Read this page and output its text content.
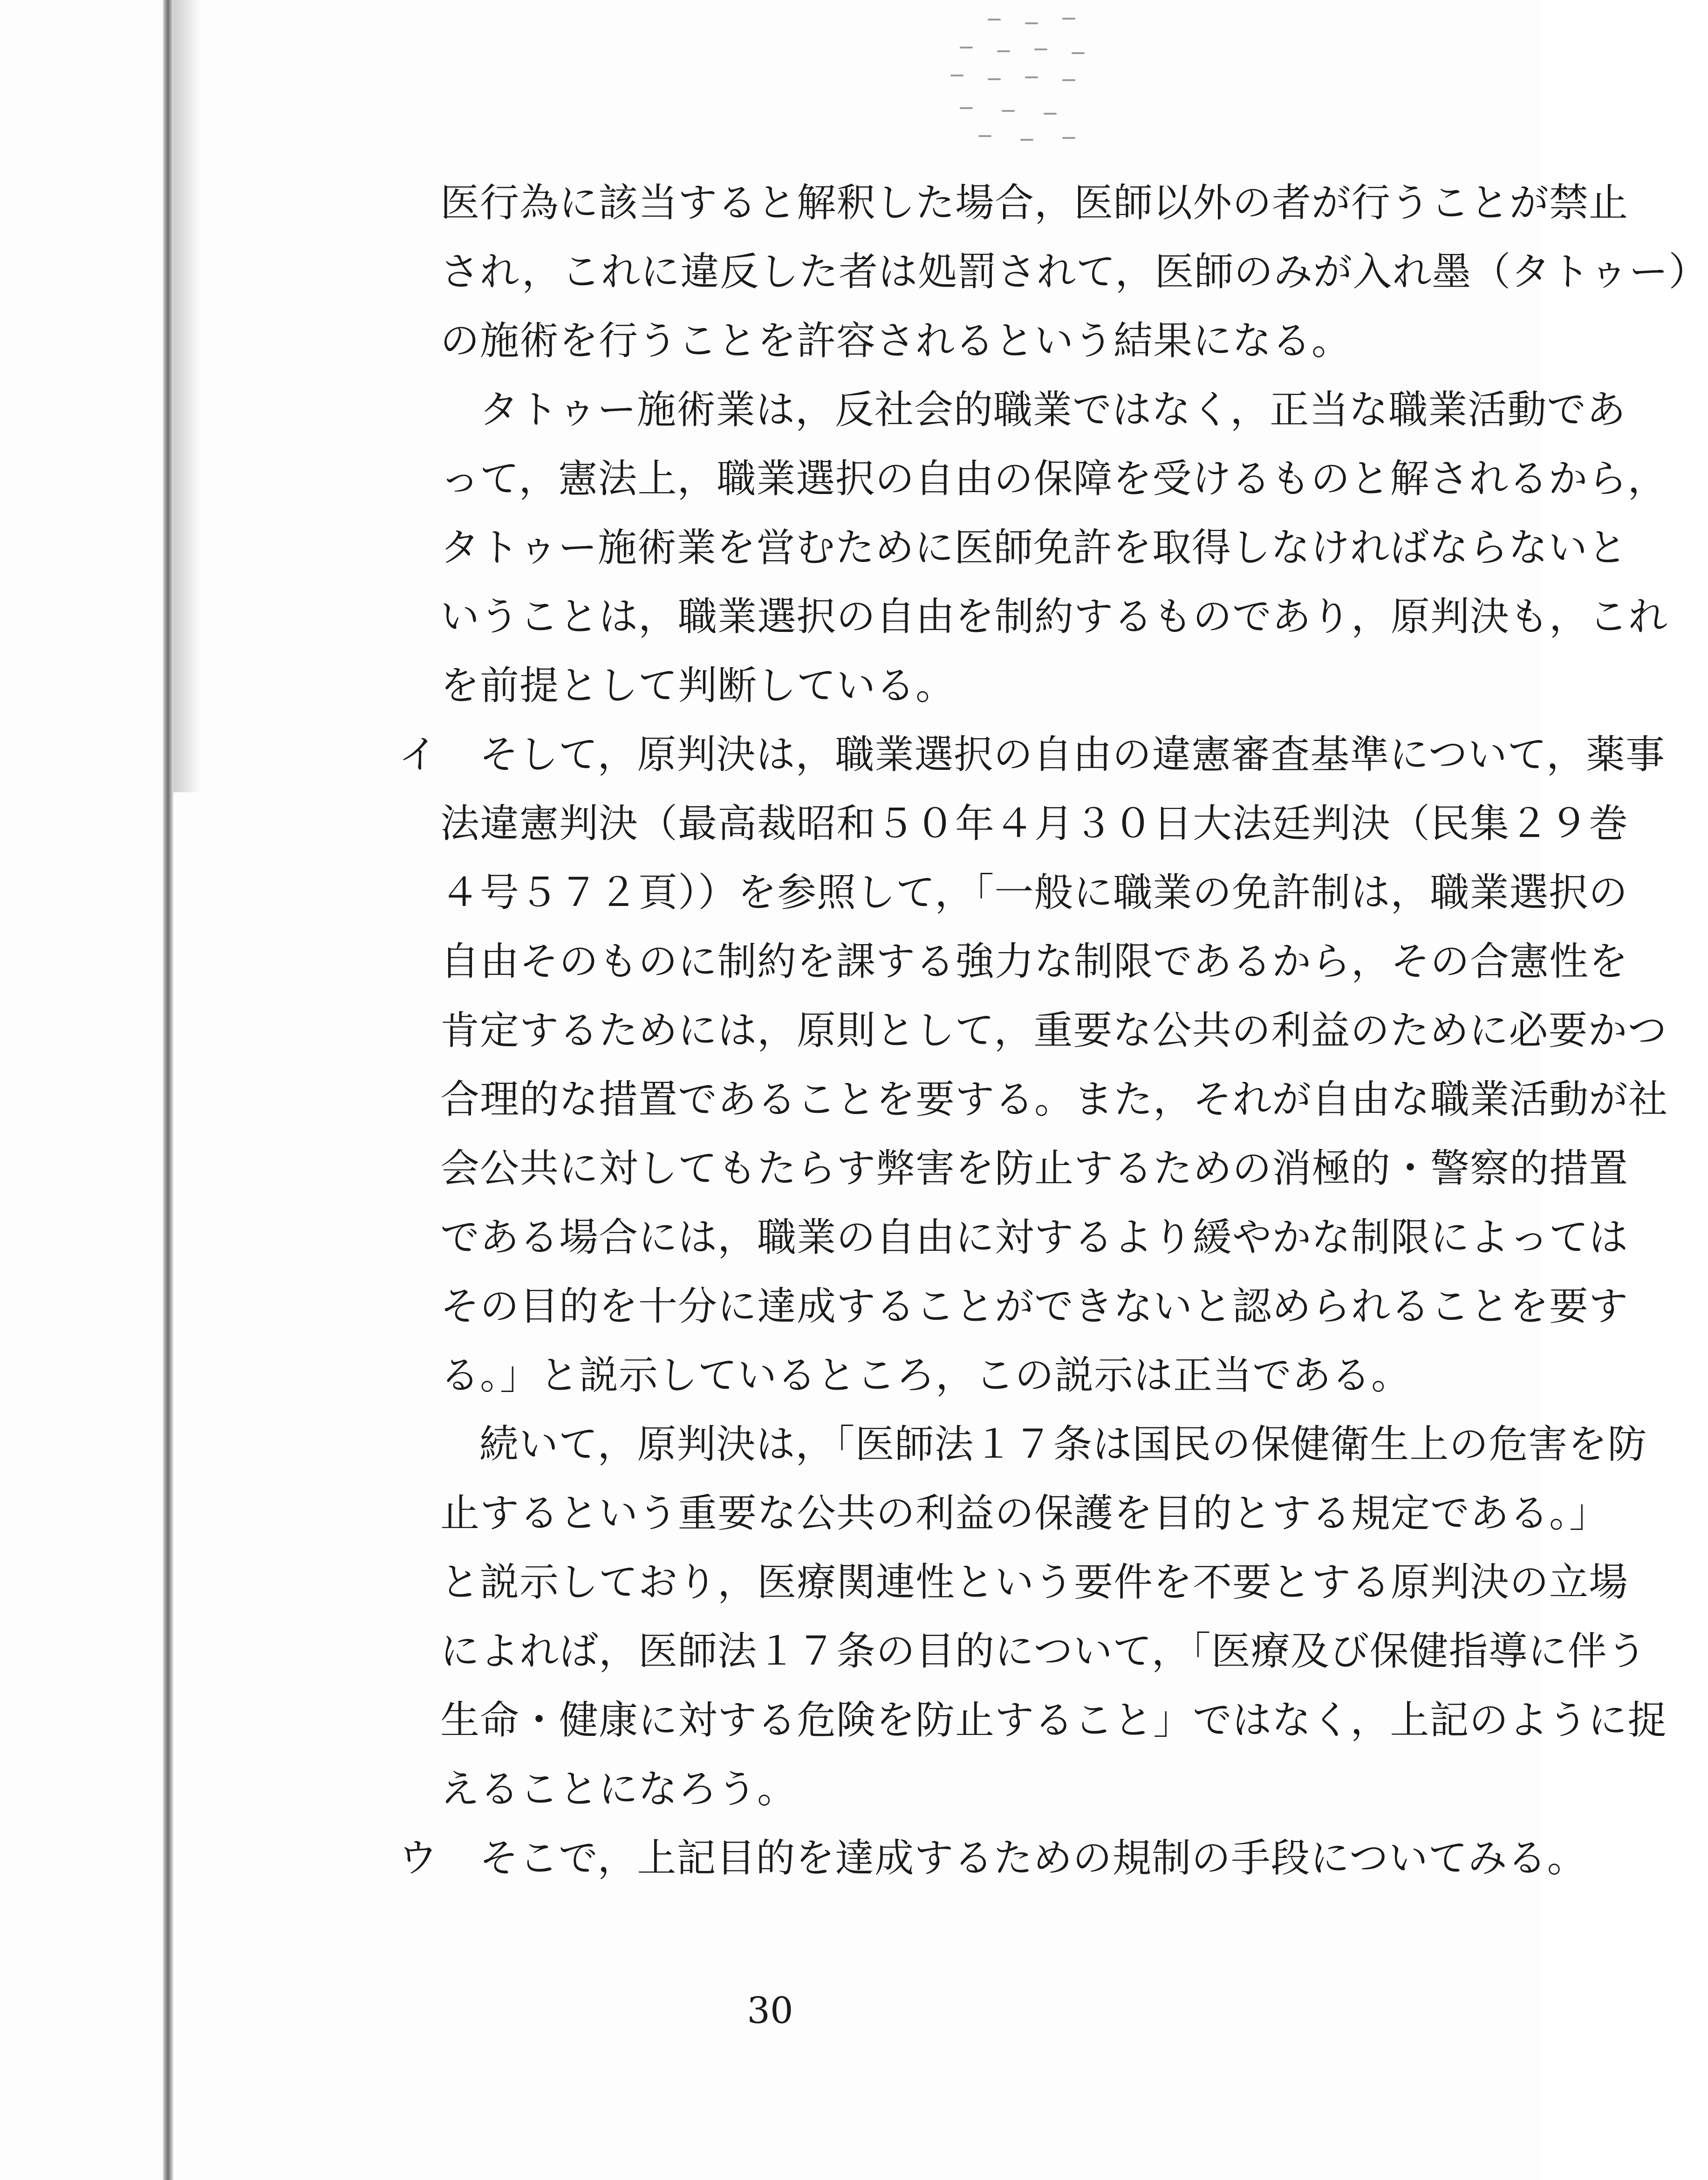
医行為に該当すると解釈した場合，医師以外の者が行うことが禁止
され，これに違反した者は処罰されて，医師のみが入れ墨（タトゥー）
の施術を行うことを許容されるという結果になる。
タトゥー施術業は，反社会的職業ではなく，正当な職業活動であ
って，憲法上，職業選択の自由の保障を受けるものと解されるから，
タトゥー施術業を営むために医師免許を取得しなければならないと
いうことは，職業選択の自由を制約するものであり，原判決も，これ
を前提として判断している。
イ そして，原判決は，職業選択の自由の違憲審査基準について，薬事
法違憲判決（最高裁昭和５０年４月３０日大法廷判決（民集２９巻
４号５７２頁））を参照して，「一般に職業の免許制は，職業選択の
自由そのものに制約を課する強力な制限であるから，その合憲性を
肯定するためには，原則として，重要な公共の利益のために必要かつ
合理的な措置であることを要する。また，それが自由な職業活動が社
会公共に対してもたらす弊害を防止するための消極的・警察的措置
である場合には，職業の自由に対するより緩やかな制限によっては
その目的を十分に達成することができないと認められることを要す
る。」と説示しているところ，この説示は正当である。
続いて，原判決は，「医師法１７条は国民の保健衛生上の危害を防
止するという重要な公共の利益の保護を目的とする規定である。」
と説示しており，医療関連性という要件を不要とする原判決の立場
によれば，医師法１７条の目的について，「医療及び保健指導に伴う
生命・健康に対する危険を防止すること」ではなく，上記のように捉
えることになろう。
ウ そこで，上記目的を達成するための規制の手段についてみる。
30
